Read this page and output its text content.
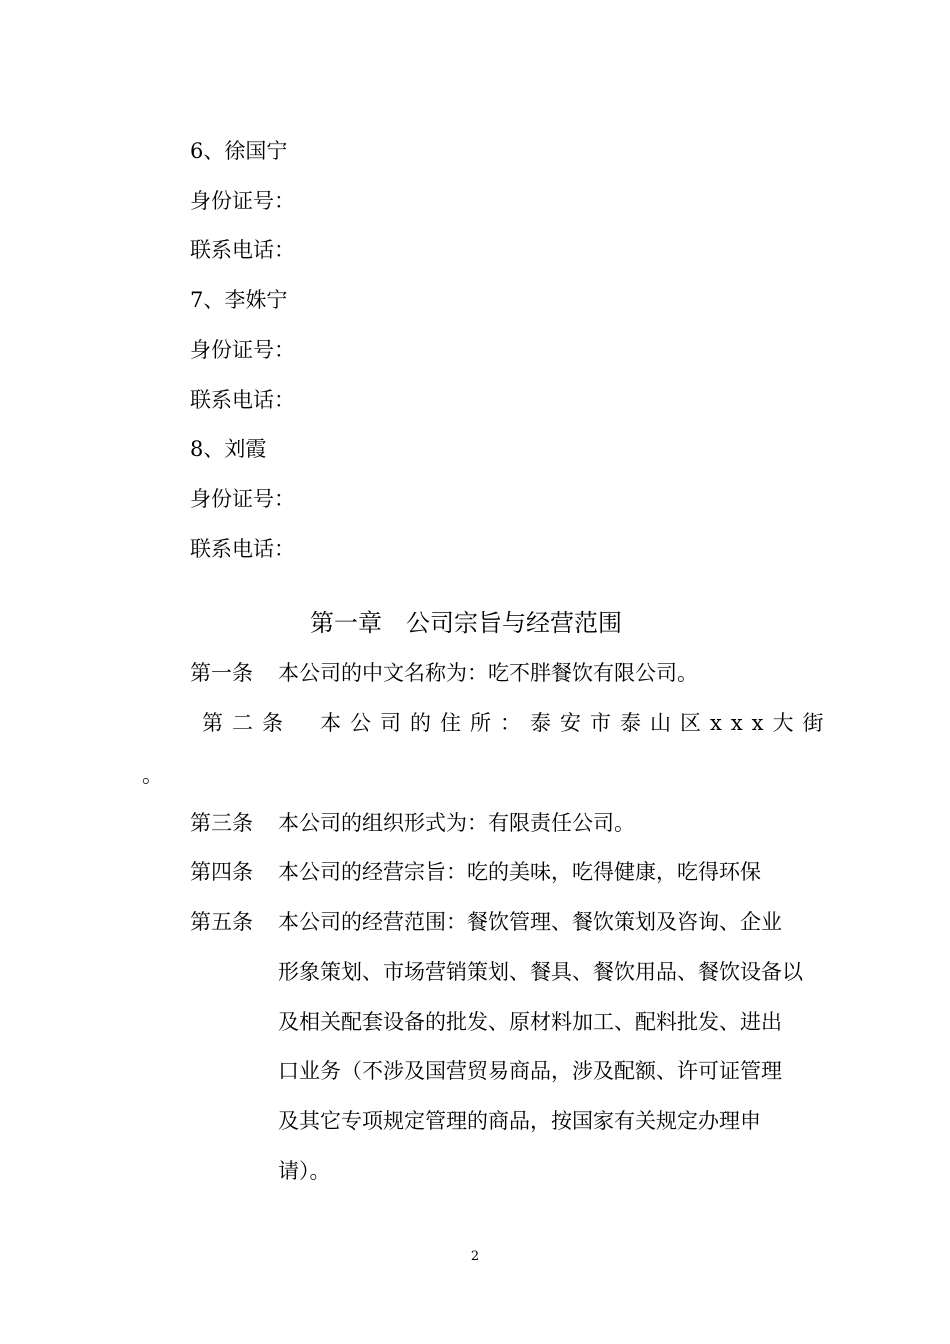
6、徐国宁
身份证号：
联系电话：
7、李姝宁
身份证号：
联系电话：
8、刘霞
身份证号：
联系电话：
第一章　公司宗旨与经营范围
第一条 本公司的中文名称为：吃不胖餐饮有限公司。
第二条 本公司的住所：泰安市泰山区xxx大街
。
第三条 本公司的组织形式为：有限责任公司。
第四条 本公司的经营宗旨：吃的美味，吃得健康，吃得环保
第五条 本公司的经营范围：餐饮管理、餐饮策划及咨询、企业
形象策划、市场营销策划、餐具、餐饮用品、餐饮设备以
及相关配套设备的批发、原材料加工、配料批发、进出
口业务（不涉及国营贸易商品，涉及配额、许可证管理
及其它专项规定管理的商品，按国家有关规定办理申
请）。
2
